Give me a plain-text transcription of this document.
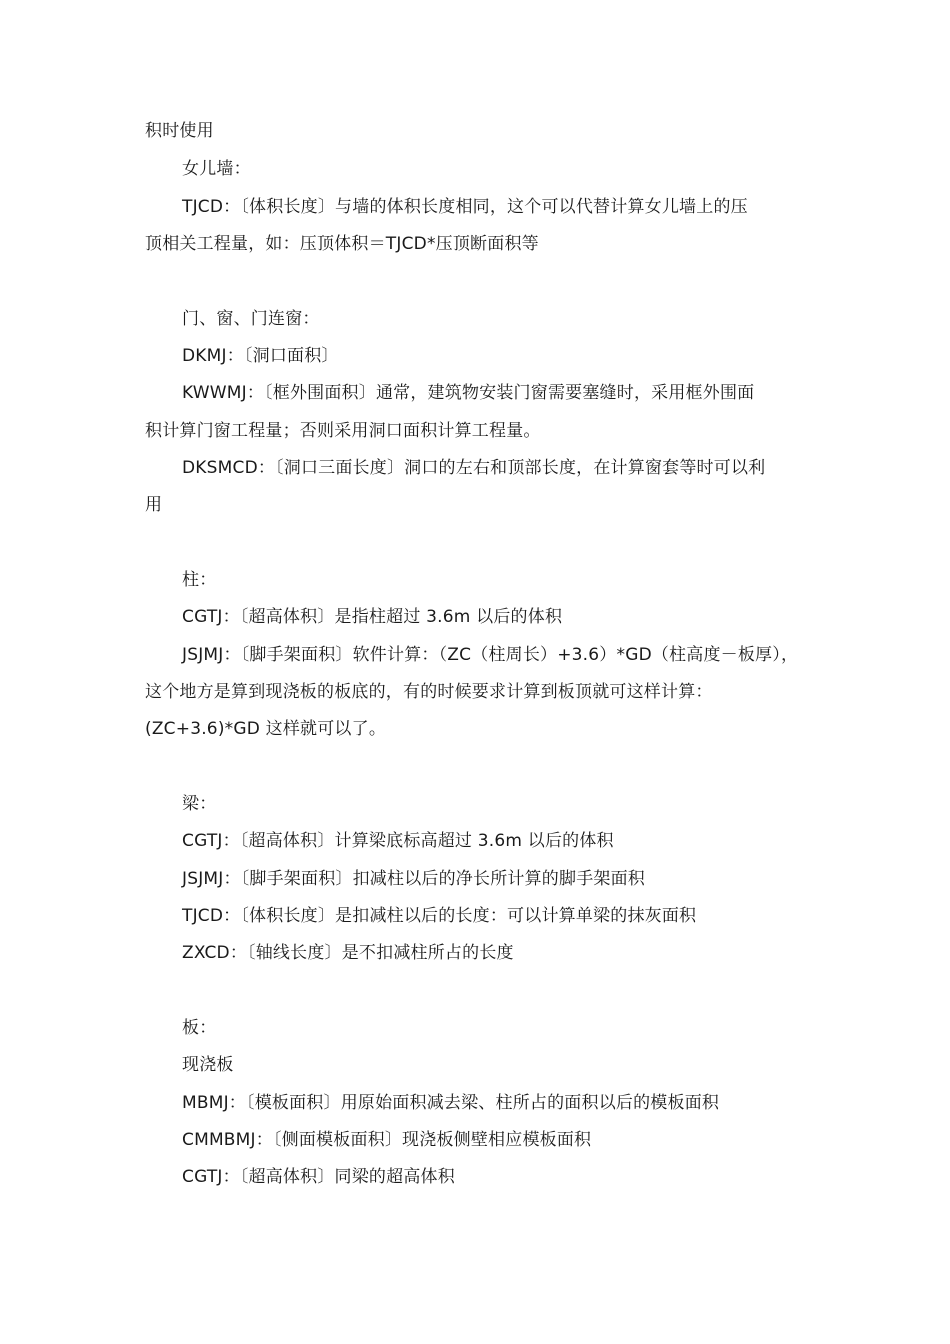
积时使用
女儿墙：
TJCD：〔体积长度〕与墙的体积长度相同，这个可以代替计算女儿墙上的压
顶相关工程量，如：压顶体积＝TJCD*压顶断面积等
门、窗、门连窗：
DKMJ：〔洞口面积〕
KWWMJ：〔框外围面积〕通常，建筑物安装门窗需要塞缝时，采用框外围面
积计算门窗工程量；否则采用洞口面积计算工程量。
DKSMCD：〔洞口三面长度〕洞口的左右和顶部长度，在计算窗套等时可以利
用
柱：
CGTJ：〔超高体积〕是指柱超过 3.6m 以后的体积
JSJMJ：〔脚手架面积〕软件计算：（ZC（柱周长）+3.6）*GD（柱高度－板厚），
这个地方是算到现浇板的板底的，有的时候要求计算到板顶就可这样计算：
(ZC+3.6)*GD 这样就可以了。
梁：
CGTJ：〔超高体积〕计算梁底标高超过 3.6m 以后的体积
JSJMJ：〔脚手架面积〕扣减柱以后的净长所计算的脚手架面积
TJCD：〔体积长度〕是扣减柱以后的长度：可以计算单梁的抹灰面积
ZXCD：〔轴线长度〕是不扣减柱所占的长度
板：
现浇板
MBMJ：〔模板面积〕用原始面积减去梁、柱所占的面积以后的模板面积
CMMBMJ：〔侧面模板面积〕现浇板侧壁相应模板面积
CGTJ：〔超高体积〕同梁的超高体积
